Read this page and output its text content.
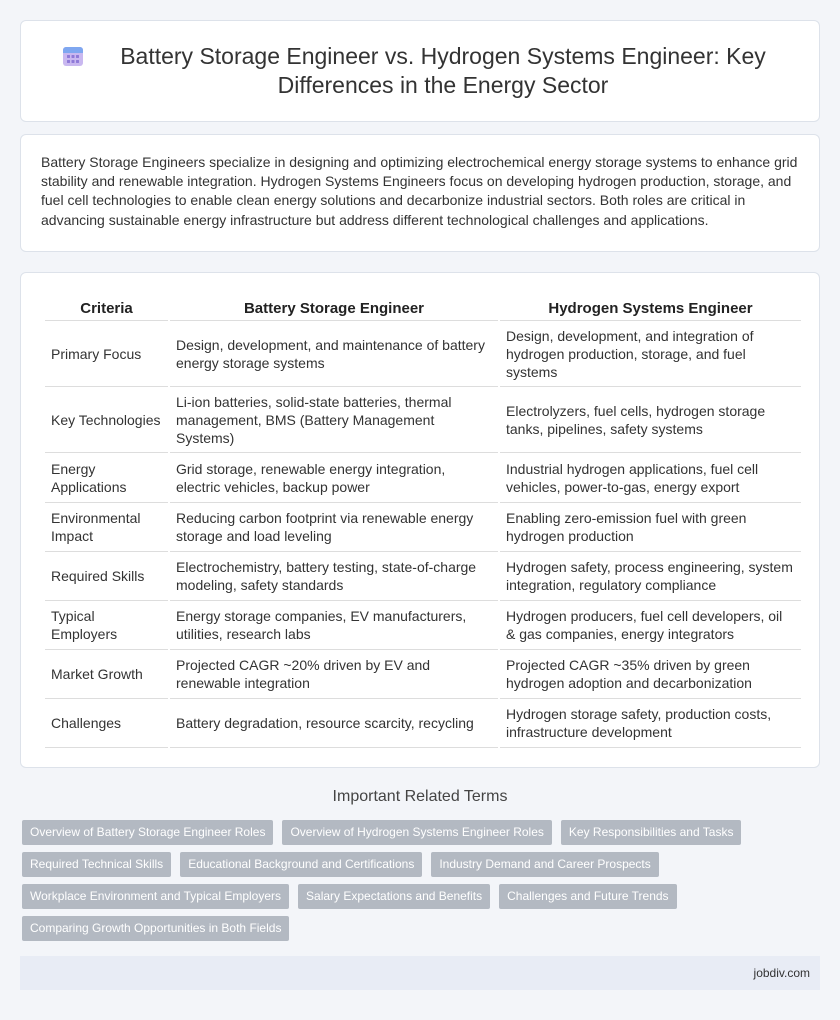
Battery Storage Engineer vs. Hydrogen Systems Engineer: Key Differences in the Energy Sector

Battery Storage Engineers specialize in designing and optimizing electrochemical energy storage systems to enhance grid stability and renewable integration. Hydrogen Systems Engineers focus on developing hydrogen production, storage, and fuel cell technologies to enable clean energy solutions and decarbonize industrial sectors. Both roles are critical in advancing sustainable energy infrastructure but address different technological challenges and applications.

Criteria	Battery Storage Engineer	Hydrogen Systems Engineer
Primary Focus	Design, development, and maintenance of battery energy storage systems	Design, development, and integration of hydrogen production, storage, and fuel systems
Key Technologies	Li-ion batteries, solid-state batteries, thermal management, BMS (Battery Management Systems)	Electrolyzers, fuel cells, hydrogen storage tanks, pipelines, safety systems
Energy Applications	Grid storage, renewable energy integration, electric vehicles, backup power	Industrial hydrogen applications, fuel cell vehicles, power-to-gas, energy export
Environmental Impact	Reducing carbon footprint via renewable energy storage and load leveling	Enabling zero-emission fuel with green hydrogen production
Required Skills	Electrochemistry, battery testing, state-of-charge modeling, safety standards	Hydrogen safety, process engineering, system integration, regulatory compliance
Typical Employers	Energy storage companies, EV manufacturers, utilities, research labs	Hydrogen producers, fuel cell developers, oil & gas companies, energy integrators
Market Growth	Projected CAGR ~20% driven by EV and renewable integration	Projected CAGR ~35% driven by green hydrogen adoption and decarbonization
Challenges	Battery degradation, resource scarcity, recycling	Hydrogen storage safety, production costs, infrastructure development
Important Related Terms
Overview of Battery Storage Engineer Roles	Overview of Hydrogen Systems Engineer Roles	Key Responsibilities and Tasks
Required Technical Skills	Educational Background and Certifications	Industry Demand and Career Prospects
Workplace Environment and Typical Employers	Salary Expectations and Benefits	Challenges and Future Trends
Comparing Growth Opportunities in Both Fields
jobdiv.com
